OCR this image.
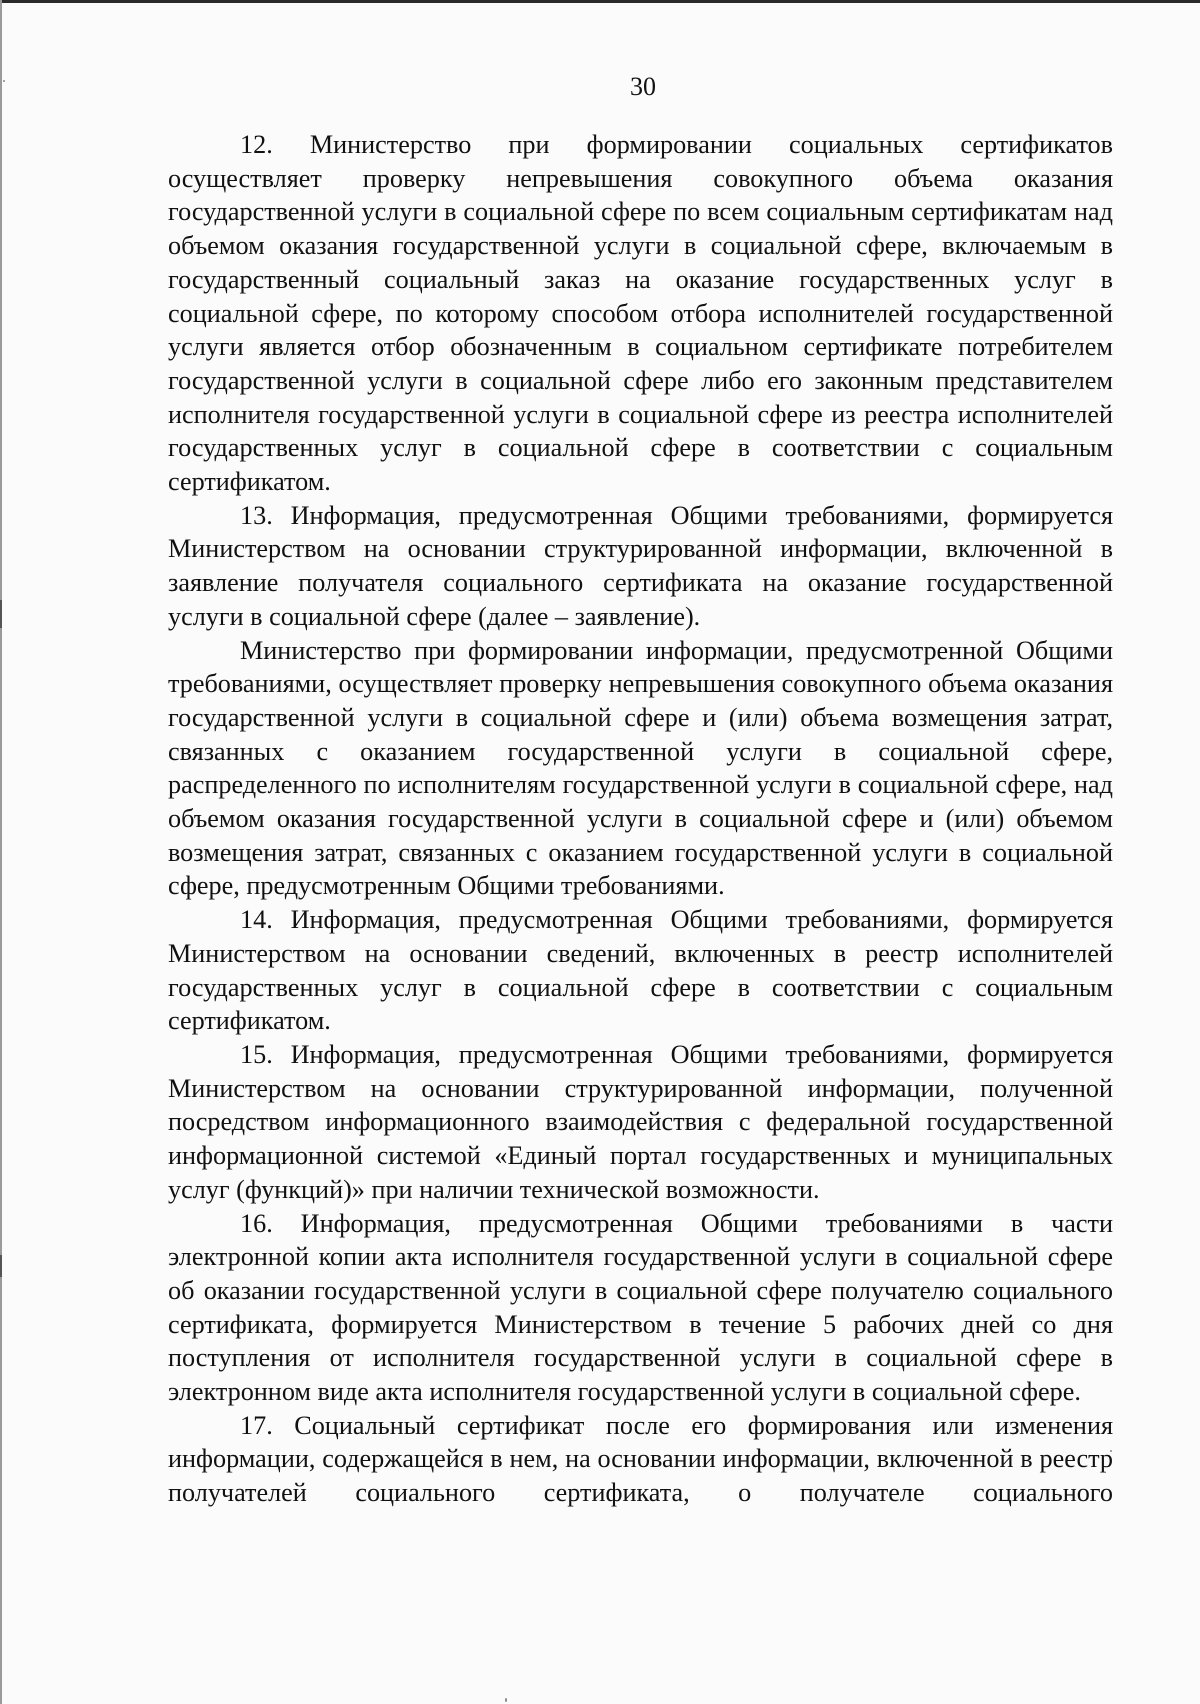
30

12. Министерство при формировании социальных сертификатов осуществляет проверку непревышения совокупного объема оказания государственной услуги в социальной сфере по всем социальным сертификатам над объемом оказания государственной услуги в социальной сфере, включаемым в государственный социальный заказ на оказание государственных услуг в социальной сфере, по которому способом отбора исполнителей государственной услуги является отбор обозначенным в социальном сертификате потребителем государственной услуги в социальной сфере либо его законным представителем исполнителя государственной услуги в социальной сфере из реестра исполнителей государственных услуг в социальной сфере в соответствии с социальным сертификатом.

13. Информация, предусмотренная Общими требованиями, формируется Министерством на основании структурированной информации, включенной в заявление получателя социального сертификата на оказание государственной услуги в социальной сфере (далее – заявление).

Министерство при формировании информации, предусмотренной Общими требованиями, осуществляет проверку непревышения совокупного объема оказания государственной услуги в социальной сфере и (или) объема возмещения затрат, связанных с оказанием государственной услуги в социальной сфере, распределенного по исполнителям государственной услуги в социальной сфере, над объемом оказания государственной услуги в социальной сфере и (или) объемом возмещения затрат, связанных с оказанием государственной услуги в социальной сфере, предусмотренным Общими требованиями.

14. Информация, предусмотренная Общими требованиями, формируется Министерством на основании сведений, включенных в реестр исполнителей государственных услуг в социальной сфере в соответствии с социальным сертификатом.

15. Информация, предусмотренная Общими требованиями, формируется Министерством на основании структурированной информации, полученной посредством информационного взаимодействия с федеральной государственной информационной системой «Единый портал государственных и муниципальных услуг (функций)» при наличии технической возможности.

16. Информация, предусмотренная Общими требованиями в части электронной копии акта исполнителя государственной услуги в социальной сфере об оказании государственной услуги в социальной сфере получателю социального сертификата, формируется Министерством в течение 5 рабочих дней со дня поступления от исполнителя государственной услуги в социальной сфере в электронном виде акта исполнителя государственной услуги в социальной сфере.

17. Социальный сертификат после его формирования или изменения информации, содержащейся в нем, на основании информации, включенной в реестр получателей социального сертификата, о получателе социального
